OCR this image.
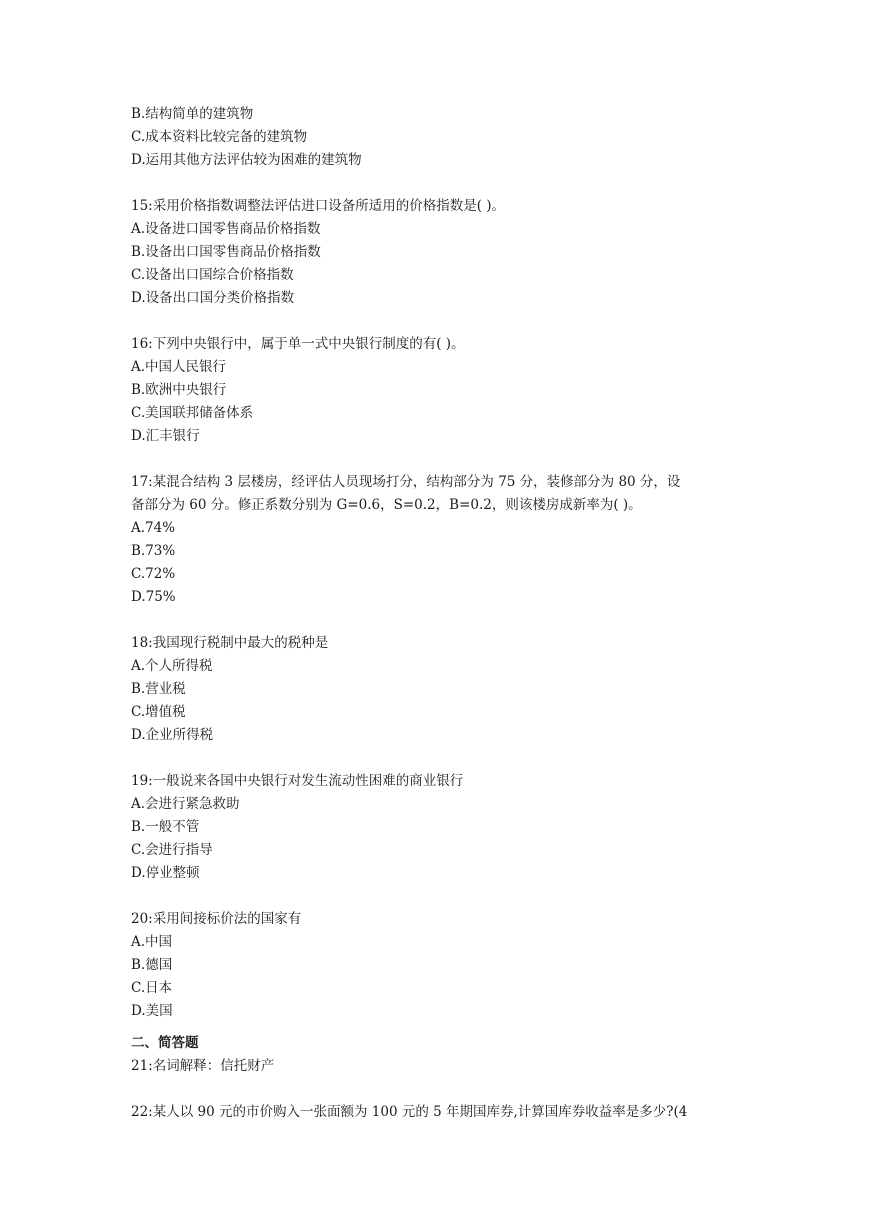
B.结构简单的建筑物
C.成本资料比较完备的建筑物
D.运用其他方法评估较为困难的建筑物
15:采用价格指数调整法评估进口设备所适用的价格指数是( )。
A.设备进口国零售商品价格指数
B.设备出口国零售商品价格指数
C.设备出口国综合价格指数
D.设备出口国分类价格指数
16:下列中央银行中，属于单一式中央银行制度的有( )。
A.中国人民银行
B.欧洲中央银行
C.美国联邦储备体系
D.汇丰银行
17:某混合结构 3 层楼房，经评估人员现场打分，结构部分为 75 分，装修部分为 80 分，设
备部分为 60 分。修正系数分别为 G=0.6，S=0.2，B=0.2，则该楼房成新率为( )。
A.74%
B.73%
C.72%
D.75%
18:我国现行税制中最大的税种是
A.个人所得税
B.营业税
C.增值税
D.企业所得税
19:一般说来各国中央银行对发生流动性困难的商业银行
A.会进行紧急救助
B.一般不管
C.会进行指导
D.停业整顿
20:采用间接标价法的国家有
A.中国
B.德国
C.日本
D.美国
二、简答题
21:名词解释：信托财产
22:某人以 90 元的市价购入一张面额为 100 元的 5 年期国库券,计算国库券收益率是多少?(4
